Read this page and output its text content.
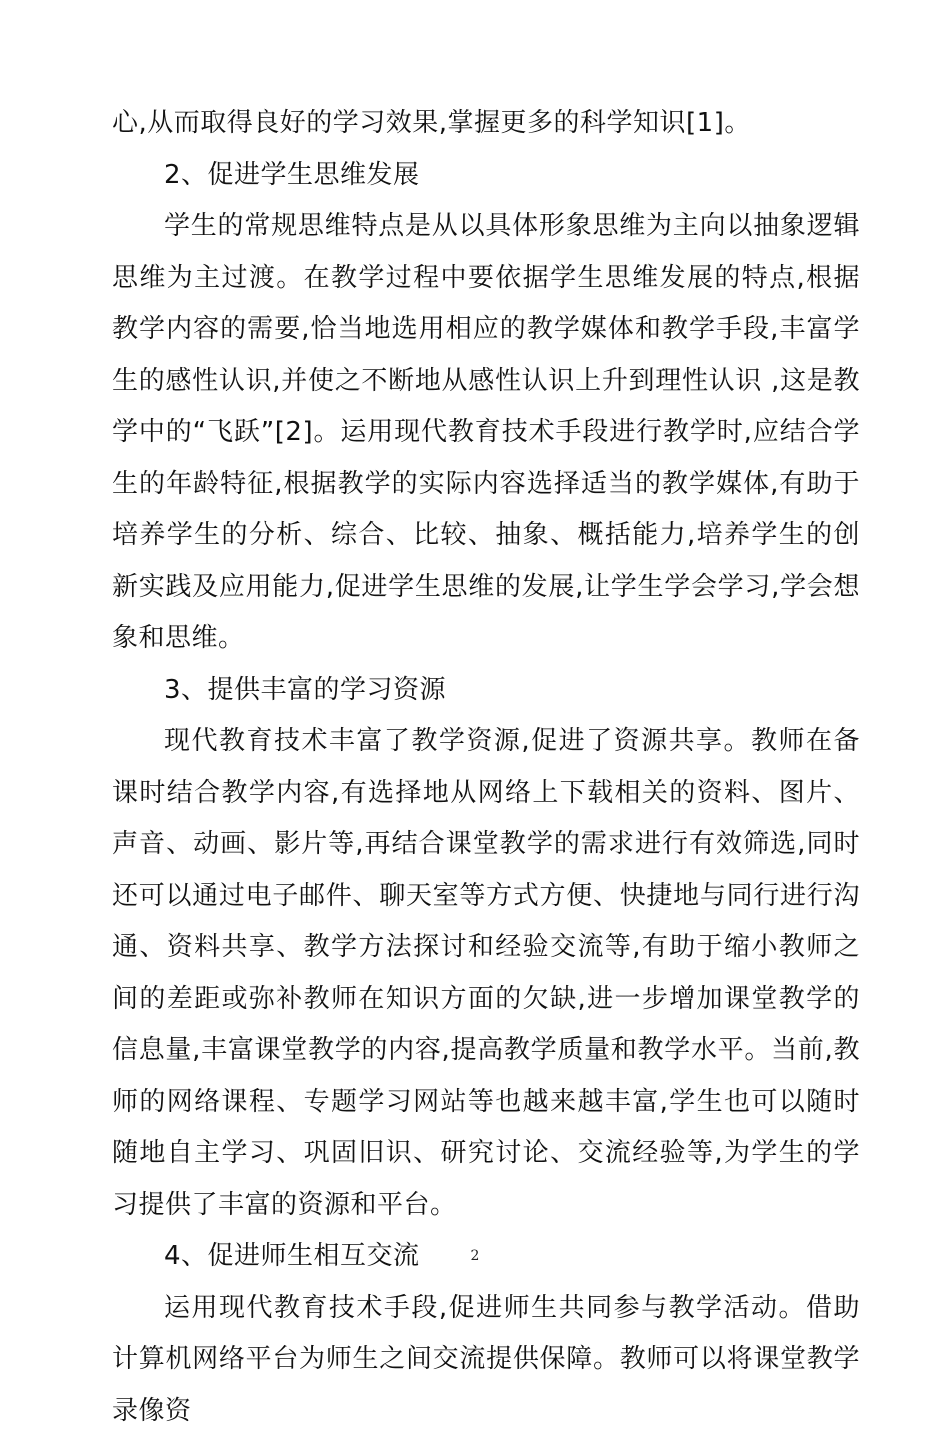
心,从而取得良好的学习效果,掌握更多的科学知识[1]。

2、促进学生思维发展

学生的常规思维特点是从以具体形象思维为主向以抽象逻辑思维为主过渡。在教学过程中要依据学生思维发展的特点,根据教学内容的需要,恰当地选用相应的教学媒体和教学手段,丰富学生的感性认识,并使之不断地从感性认识上升到理性认识 ,这是教学中的“飞跃”[2]。运用现代教育技术手段进行教学时,应结合学生的年龄特征,根据教学的实际内容选择适当的教学媒体,有助于培养学生的分析、综合、比较、抽象、概括能力,培养学生的创新实践及应用能力,促进学生思维的发展,让学生学会学习,学会想象和思维。

3、提供丰富的学习资源

现代教育技术丰富了教学资源,促进了资源共享。教师在备课时结合教学内容,有选择地从网络上下载相关的资料、图片、声音、动画、影片等,再结合课堂教学的需求进行有效筛选,同时还可以通过电子邮件、聊天室等方式方便、快捷地与同行进行沟通、资料共享、教学方法探讨和经验交流等,有助于缩小教师之间的差距或弥补教师在知识方面的欠缺,进一步增加课堂教学的信息量,丰富课堂教学的内容,提高教学质量和教学水平。当前,教师的网络课程、专题学习网站等也越来越丰富,学生也可以随时随地自主学习、巩固旧识、研究讨论、交流经验等,为学生的学习提供了丰富的资源和平台。

4、促进师生相互交流

运用现代教育技术手段,促进师生共同参与教学活动。借助计算机网络平台为师生之间交流提供保障。教师可以将课堂教学录像资

2
